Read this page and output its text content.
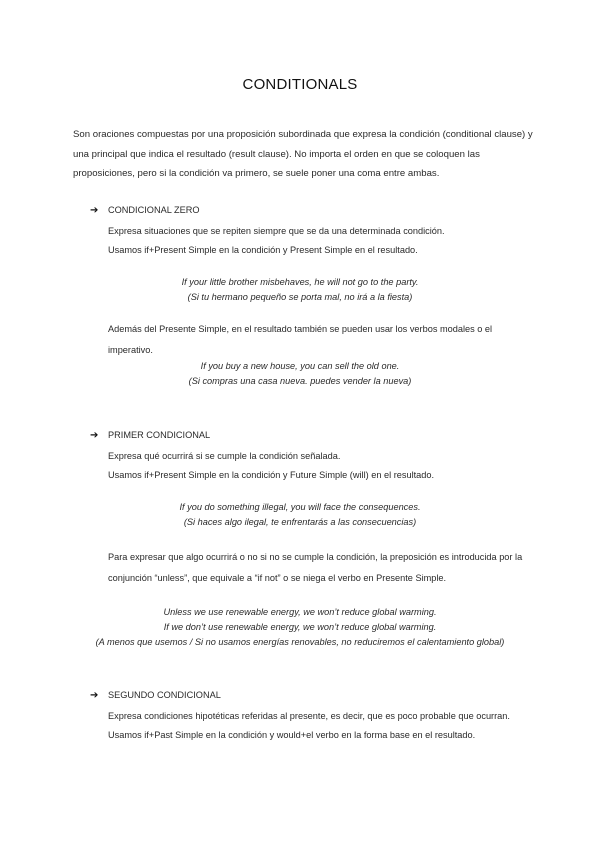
CONDITIONALS
Son oraciones compuestas por una proposición subordinada que expresa la condición (conditional clause) y una principal que indica el resultado (result clause). No importa el orden en que se coloquen las proposiciones, pero si la condición va primero, se suele poner una coma entre ambas.
➔	CONDICIONAL ZERO
Expresa situaciones que se repiten siempre que se da una determinada condición.
Usamos if+Present Simple en la condición y Present Simple en el resultado.
If your little brother misbehaves, he will not go to the party.
(Si tu hermano pequeño se porta mal, no irá a la fiesta)
Además del Presente Simple, en el resultado también se pueden usar los verbos modales o el imperativo.
If you buy a new house, you can sell the old one.
(Si compras una casa nueva. puedes vender la nueva)
➔	PRIMER CONDICIONAL
Expresa qué ocurrirá si se cumple la condición señalada.
Usamos if+Present Simple en la condición y Future Simple (will) en el resultado.
If you do something illegal, you will face the consequences.
(Si haces algo ilegal, te enfrentarás a las consecuencias)
Para expresar que algo ocurrirá o no si no se cumple la condición, la preposición es introducida por la
conjunción “unless”, que equivale a “if not” o se niega el verbo en Presente Simple.
Unless we use renewable energy, we won’t reduce global warming.
If we don’t use renewable energy, we won’t reduce global warming.
(A menos que usemos / Si no usamos energías renovables, no reduciremos el calentamiento global)
➔	SEGUNDO CONDICIONAL
Expresa condiciones hipotéticas referidas al presente, es decir, que es poco probable que ocurran.
Usamos if+Past Simple en la condición y would+el verbo en la forma base en el resultado.
